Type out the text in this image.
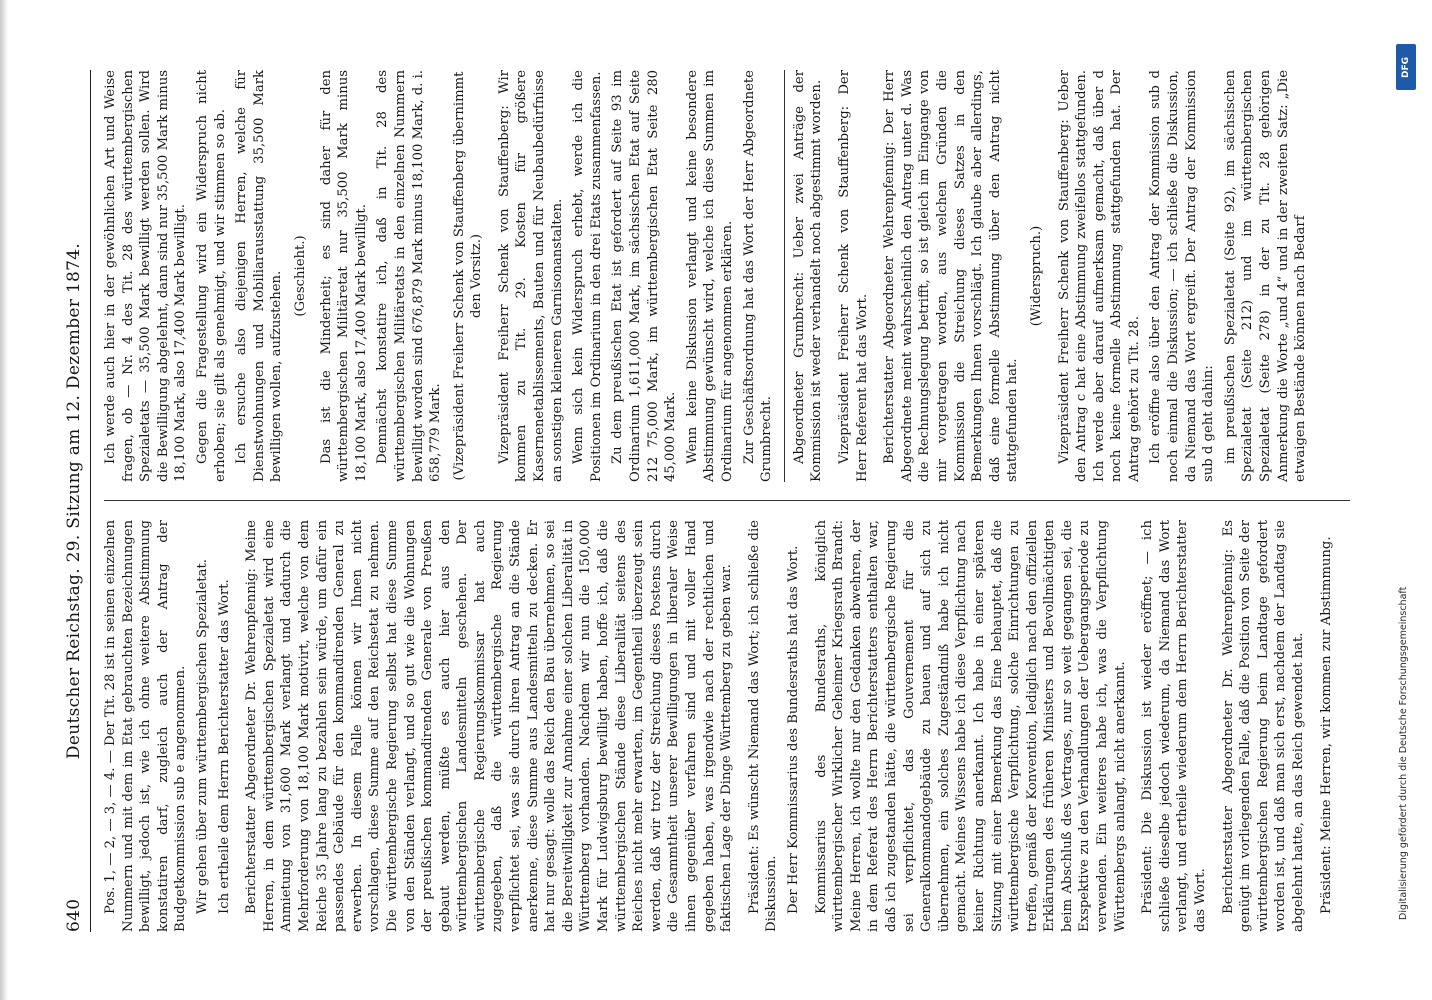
640
Deutscher Reichstag. 29. Sitzung am 12. Dezember 1874. Pos. 1, — 2, — 3, — 4. — Der Tit. 28 ist in seinen einzelnen Nummern und mit dem im Etat gebrauchten Bezeichnungen bewilligt, jedoch ist, wie ich ohne weitere Abstimmung konstatiren darf, zugleich auch der Antrag der Budgetkommission sub e angenommen. Wir gehen über zum württembergischen Spezialetat. Ich ertheile dem Herrn Berichterstatter das Wort. Berichterstatter Abgeordneter Dr. Wehrenpfennig: Meine Herren, in dem württembergischen Spezialetat wird eine Anmietung von 31,600 Mark verlangt und dadurch die Mehrforderung von 18,100 Mark motivirt, welche von dem Reiche 35 Jahre lang zu bezahlen sein würde, um dafür ein passendes Gebäude für den kommandirenden General zu erwerben. In diesem Falle können wir Ihnen nicht vorschlagen, diese Summe auf den Reichsetat zu nehmen. Die württembergische Regierung selbst hat diese Summe von den Ständen verlangt, und so gut wie die Wohnungen der preußischen kommandirenden Generale von Preußen gebaut werden, müßte es auch hier aus den württembergischen Landesmitteln geschehen. Der württembergische Regierungskommissar hat auch zugegeben, daß die württembergische Regierung verpflichtet sei, was sie durch ihren Antrag an die Stände anerkenne, diese Summe aus Landesmitteln zu decken. Er hat nur gesagt: wolle das Reich den Bau übernehmen, so sei die Bereitwilligkeit zur Annahme einer solchen Liberalität in Württemberg vorhanden. Nachdem wir nun die 150,000 Mark für Ludwigsburg bewilligt haben, hoffe ich, daß die württembergischen Stände diese Liberalität seitens des Reiches nicht mehr erwarten, im Gegentheil überzeugt sein werden, daß wir trotz der Streichung dieses Postens durch die Gesammtheit unserer Bewilligungen in liberaler Weise ihnen gegenüber verfahren sind und mit voller Hand gegeben haben, was irgendwie nach der rechtlichen und faktischen Lage der Dinge Württemberg zu geben war. Präsident: Es wünscht Niemand das Wort; ich schließe die Diskussion. Der Herr Kommissarius des Bundesraths hat das Wort. Kommissarius des Bundesraths, königlich württembergischer Wirklicher Geheimer Kriegsrath Brandt: Meine Herren, ich wollte nur den Gedanken abwehren, der in dem Referat des Herrn Berichterstatters enthalten war, daß ich zugestanden hätte, die württembergische Regierung sei verpflichtet, das Gouvernement für die Generalkommandogebäude zu bauen und auf sich zu übernehmen, ein solches Zugeständniß habe ich nicht gemacht. Meines Wissens habe ich diese Verpflichtung nach keiner Richtung anerkannt. Ich habe in einer späteren Sitzung mit einer Bemerkung das Eine behauptet, daß die württembergische Verpflichtung, solche Einrichtungen zu treffen, gemäß der Konvention, lediglich nach den offiziellen Erklärungen des früheren Ministers und Bevollmächtigten beim Abschluß des Vertrages, nur so weit gegangen sei, die Exspektive zu den Verhandlungen der Uebergangsperiode zu verwenden. Ein weiteres habe ich, was die Verpflichtung Württembergs anlangt, nicht anerkannt. Präsident: Die Diskussion ist wieder eröffnet; — ich schließe dieselbe jedoch wiederum, da Niemand das Wort verlangt, und ertheile wiederum dem Herrn Berichterstatter das Wort. Berichterstatter Abgeordneter Dr. Wehrenpfennig: Es genügt im vorliegenden Falle, daß die Position von Seite der württembergischen Regierung beim Landtage gefordert worden ist, und daß man sich erst, nachdem der Landtag sie abgelehnt hatte, an das Reich gewendet hat. Präsident: Meine Herren, wir kommen zur Abstimmung.

Ich werde auch hier in der gewöhnlichen Art und Weise fragen, ob — Nr. 4 des Tit. 28 des württembergischen Spezialetats — 35,500 Mark bewilligt werden sollen. Wird die Bewilligung abgelehnt, dann sind nur 35,500 Mark minus 18,100 Mark, also 17,400 Mark bewilligt. Gegen die Fragestellung wird ein Widerspruch nicht erhoben; sie gilt als genehmigt, und wir stimmen so ab. Ich ersuche also diejenigen Herren, welche für Dienstwohnungen und Mobiliarausstattung 35,500 Mark bewilligen wollen, aufzustehen. (Geschieht.) Das ist die Minderheit; es sind daher für den württembergischen Militäretat nur 35,500 Mark minus 18,100 Mark, also 17,400 Mark bewilligt. Demnächst konstatire ich, daß in Tit. 28 des württembergischen Militäretats in den einzelnen Nummern bewilligt worden sind 676,879 Mark minus 18,100 Mark, d. i. 658,779 Mark. (Vizepräsident Freiherr Schenk von Stauffenberg übernimmt den Vorsitz.) Vizepräsident Freiherr Schenk von Stauffenberg: Wir kommen zu Tit. 29. Kosten für größere Kasernenetablissements, Bauten und für Neubaubedürfnisse an sonstigen kleineren Garnisonanstalten. Wenn sich kein Widerspruch erhebt, werde ich die Positionen im Ordinarium in den drei Etats zusammenfassen. Zu dem preußischen Etat ist gefordert auf Seite 93 im Ordinarium 1,611,000 Mark, im sächsischen Etat auf Seite 212 75,000 Mark, im württembergischen Etat Seite 280 45,000 Mark. Wenn keine Diskussion verlangt und keine besondere Abstimmung gewünscht wird, welche ich diese Summen im Ordinarium für angenommen erklären. Zur Geschäftsordnung hat das Wort der Herr Abgeordnete Grumbrecht.	Abgeordneter Grumbrecht: Ueber zwei Anträge der Kommission ist weder verhandelt noch abgestimmt worden. Vizepräsident Freiherr Schenk von Stauffenberg: Der Herr Referent hat das Wort. Berichterstatter Abgeordneter Wehrenpfennig: Der Herr Abgeordnete meint wahrscheinlich den Antrag unter d. Was die Rechnungslegung betrifft, so ist gleich im Eingange von mir vorgetragen worden, aus welchen Gründen die Kommission die Streichung dieses Satzes in den Bemerkungen Ihnen vorschlägt. Ich glaube aber allerdings, daß eine formelle Abstimmung über den Antrag nicht stattgefunden hat.

(Widerspruch.) Vizepräsident Freiherr Schenk von Stauffenberg: Ueber den Antrag c hat eine Abstimmung zweifellos stattgefunden. Ich werde aber darauf aufmerksam gemacht, daß über d noch keine formelle Abstimmung stattgefunden hat. Der Antrag gehört zu Tit. 28. Ich eröffne also über den Antrag der Kommission sub d noch einmal die Diskussion; — ich schließe die Diskussion, da Niemand das Wort ergreift. Der Antrag der Kommission sub d geht dahin: im preußischen Spezialetat (Seite 92), im sächsischen Spezialetat (Seite 212) und im württembergischen Spezialetat (Seite 278) in der zu Tit. 28 gehörigen Anmerkung die Worte „und 4“ und in der zweiten Satz: „Die etwaigen Bestände können nach Bedarf

DFG
Digitalisierung gefördert durch die Deutsche Forschungsgemeinschaft
